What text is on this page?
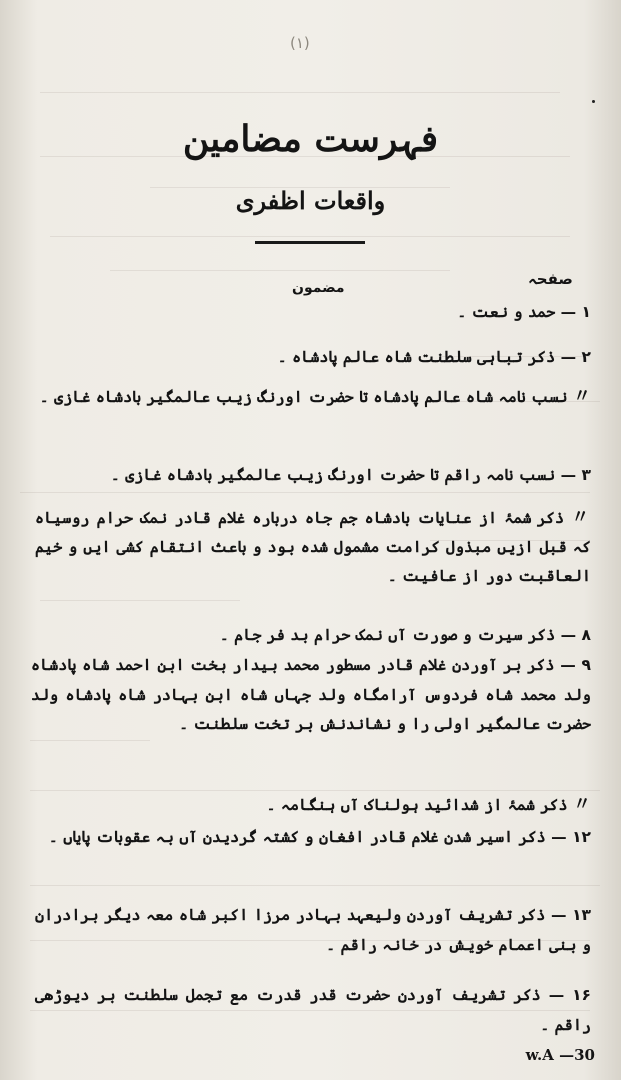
(۱)
فہرست مضامین
واقعات اظفری
صفحہ
مضمون
۱ — حمد و نعت ۔
۲ — ذکر تباہی سلطنت شاہ عالم پادشاہ ۔
〃 نسب نامہ شاہ عالم پادشاہ تا حضرت اورنگ زیب عالمگیر بادشاہ غازی ۔
۳ — نسب نامہ راقم تا حضرت اورنگ زیب عالمگیر بادشاہ غازی ۔
〃 ذکر شمۂ از عنایات بادشاہ جم جاہ درباره غلام قادر نمک حرام روسیاہ کہ قبل ازیں مبذول کرامت مشمول شدہ بود و باعث انتقام کشی ایں و خیم العاقبت دور از عافیت ۔
۸ — ذکر سیرت و صورت آں نمک حرام بد فر جام ۔
۹ — ذکر بر آوردن غلام قادر مسطور محمد بیدار بخت ابن احمد شاہ پادشاہ ولد محمد شاہ فردوس آرامگاہ ولد جہاں شاہ ابن بہادر شاہ پادشاہ ولد حضرت عالمگیر اولی را و نشاندنش بر تخت سلطنت ۔
〃 ذکر شمۂ از شدائید ہولناک آں ہنگامہ ۔
۱۲ — ذکر اسیر شدن غلام قادر افغان و کشتہ گردیدن آں بہ عقوبات پایاں ۔
۱۳ — ذکر تشریف آوردن ولیعہد بہادر مرزا اکبر شاہ معہ دیگر برادران و بنی اعمام خویش در خانہ راقم ۔
۱۶ — ذکر تشریف آوردن حضرت قدر قدرت مع تجمل سلطنت بر دیوڑھی راقم ۔
w.A —30
